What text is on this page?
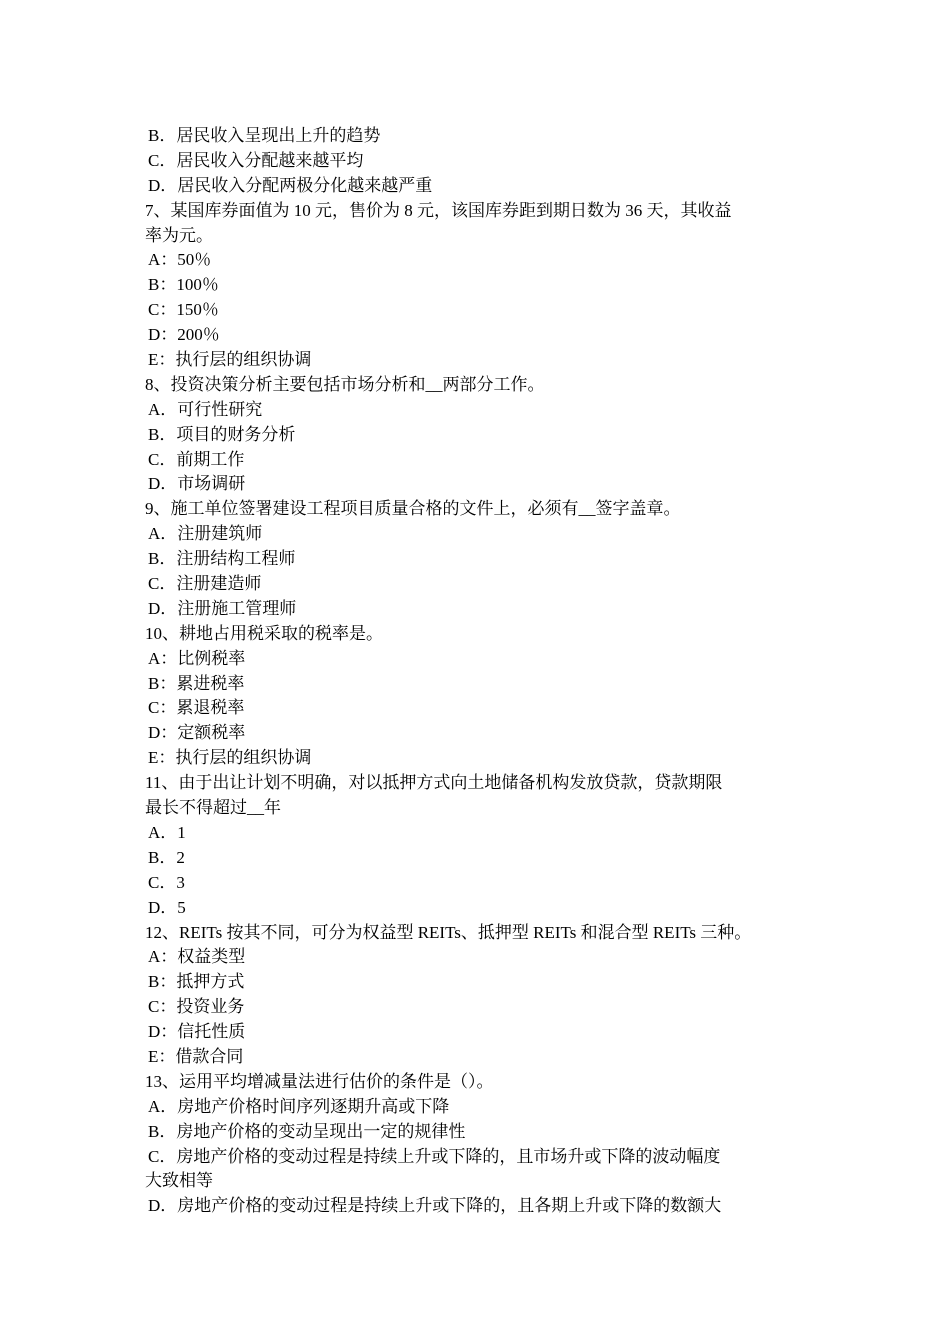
B．居民收入呈现出上升的趋势
C．居民收入分配越来越平均
D．居民收入分配两极分化越来越严重
7、某国库券面值为 10 元，售价为 8 元，该国库券距到期日数为 36 天，其收益
率为元。
A：50％
B：100％
C：150％
D：200％
E：执行层的组织协调
8、投资决策分析主要包括市场分析和__两部分工作。
A．可行性研究
B．项目的财务分析
C．前期工作
D．市场调研
9、施工单位签署建设工程项目质量合格的文件上，必须有__签字盖章。
A．注册建筑师
B．注册结构工程师
C．注册建造师
D．注册施工管理师
10、耕地占用税采取的税率是。
A：比例税率
B：累进税率
C：累退税率
D：定额税率
E：执行层的组织协调
11、由于出让计划不明确，对以抵押方式向土地储备机构发放贷款，贷款期限
最长不得超过__年
A．1
B．2
C．3
D．5
12、REITs 按其不同，可分为权益型 REITs、抵押型 REITs 和混合型 REITs 三种。
A：权益类型
B：抵押方式
C：投资业务
D：信托性质
E：借款合同
13、运用平均增减量法进行估价的条件是（）。
A．房地产价格时间序列逐期升高或下降
B．房地产价格的变动呈现出一定的规律性
C．房地产价格的变动过程是持续上升或下降的，且市场升或下降的波动幅度
大致相等
D．房地产价格的变动过程是持续上升或下降的，且各期上升或下降的数额大
